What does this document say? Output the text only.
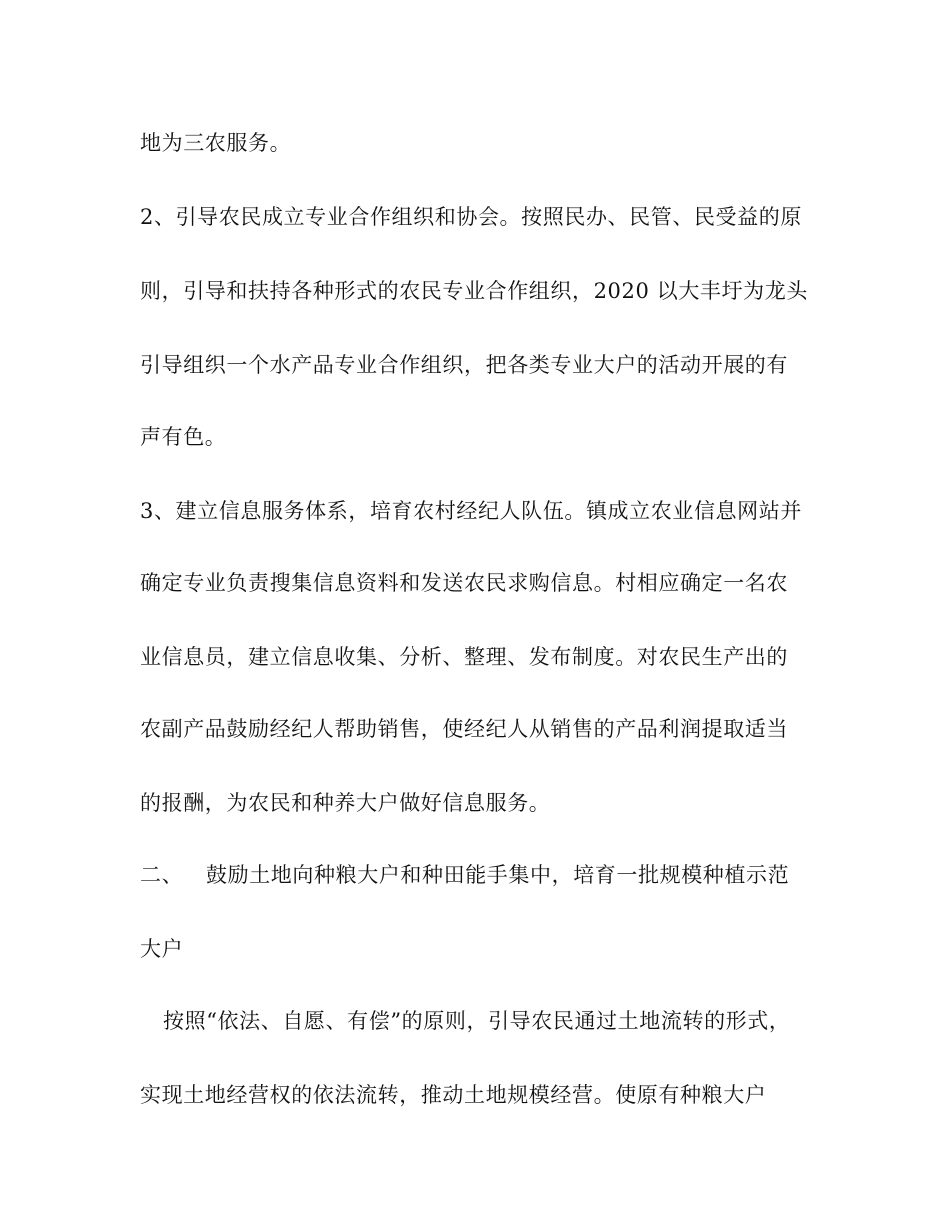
地为三农服务。
2、引导农民成立专业合作组织和协会。按照民办、民管、民受益的原
则，引导和扶持各种形式的农民专业合作组织，2020 以大丰圩为龙头
引导组织一个水产品专业合作组织，把各类专业大户的活动开展的有
声有色。
3、建立信息服务体系，培育农村经纪人队伍。镇成立农业信息网站并
确定专业负责搜集信息资料和发送农民求购信息。村相应确定一名农
业信息员，建立信息收集、分析、整理、发布制度。对农民生产出的
农副产品鼓励经纪人帮助销售，使经纪人从销售的产品利润提取适当
的报酬，为农民和种养大户做好信息服务。
二、 鼓励土地向种粮大户和种田能手集中，培育一批规模种植示范
大户
按照“依法、自愿、有偿”的原则，引导农民通过土地流转的形式，
实现土地经营权的依法流转，推动土地规模经营。使原有种粮大户
